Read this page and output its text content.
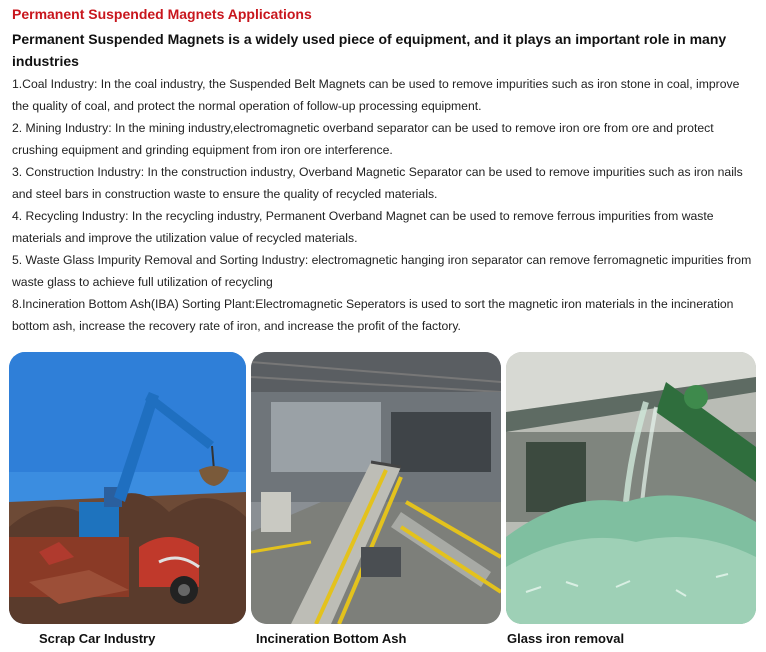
Permanent Suspended Magnets Applications
Permanent Suspended Magnets is a widely used piece of equipment, and it plays an important role in many industries

1.Coal Industry: In the coal industry, the Suspended Belt Magnets can be used to remove impurities such as iron stone in coal, improve the quality of coal, and protect the normal operation of follow-up processing equipment.

2. Mining Industry: In the mining industry,electromagnetic overband separator can be used to remove iron ore from ore and protect crushing equipment and grinding equipment from iron ore interference.

3. Construction Industry: In the construction industry, Overband Magnetic Separator can be used to remove impurities such as iron nails and steel bars in construction waste to ensure the quality of recycled materials.

4. Recycling Industry: In the recycling industry, Permanent Overband Magnet can be used to remove ferrous impurities from waste materials and improve the utilization value of recycled materials.

5. Waste Glass Impurity Removal and Sorting Industry: electromagnetic hanging iron separator can remove ferromagnetic impurities from waste glass to achieve full utilization of recycling

8.Incineration Bottom Ash(IBA) Sorting Plant:Electromagnetic Seperators is used to sort the magnetic iron materials in the incineration bottom ash, increase the recovery rate of iron, and increase the profit of the factory.

Scrap Car Industry	Incineration Bottom Ash	Glass iron removal
